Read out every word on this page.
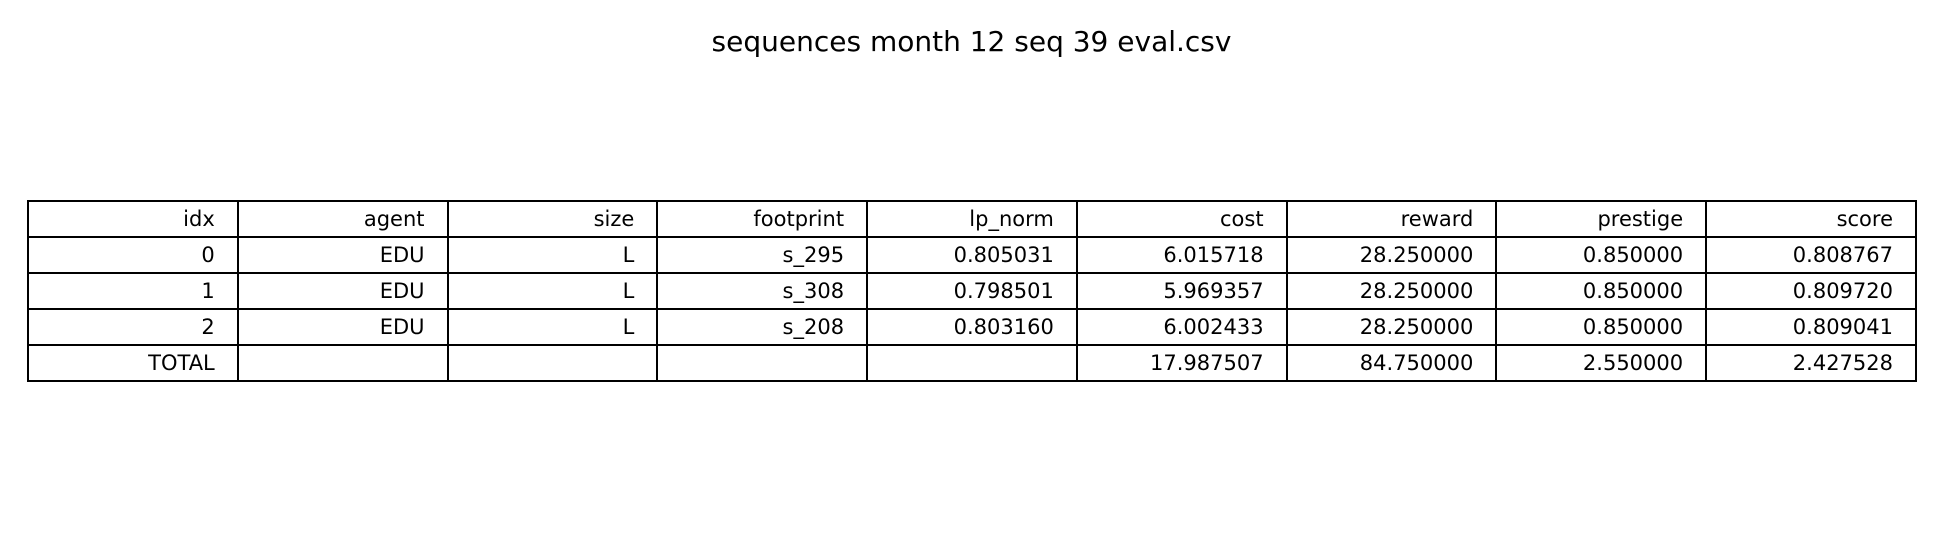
sequences month 12 seq 39 eval.csv
idx	agent	size	footprint	lp_norm	cost	reward	prestige	score
0	EDU	L	s_295	0.805031	6.015718	28.250000	0.850000	0.808767
1	EDU	L	s_308	0.798501	5.969357	28.250000	0.850000	0.809720
2	EDU	L	s_208	0.803160	6.002433	28.250000	0.850000	0.809041
TOTAL					17.987507	84.750000	2.550000	2.427528
